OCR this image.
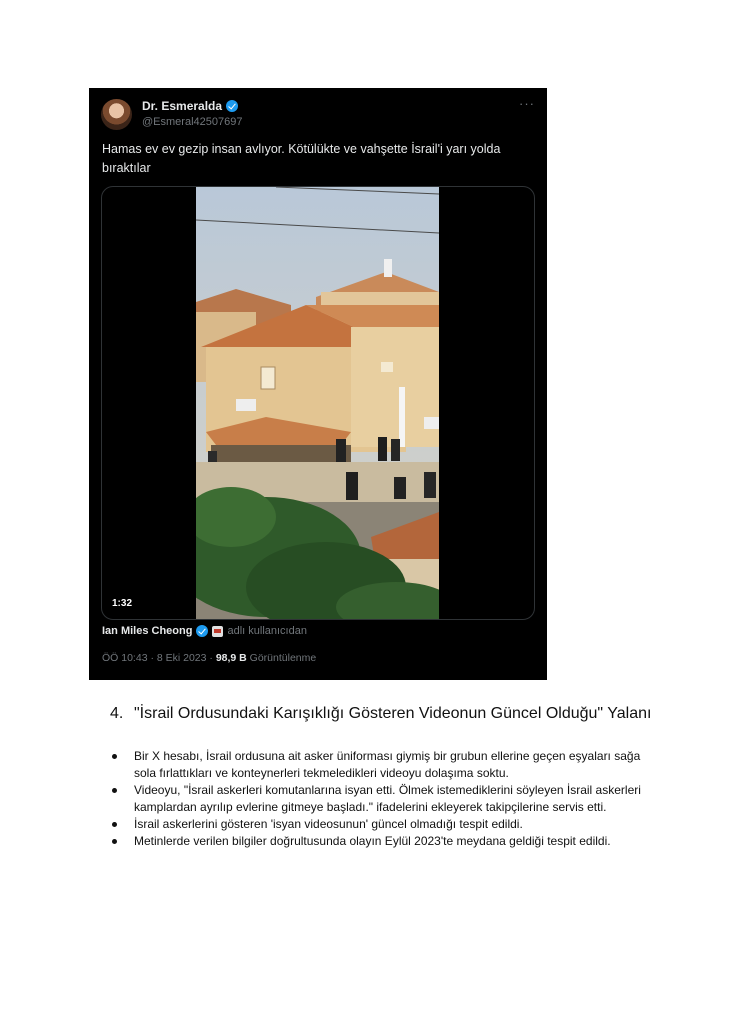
Dr. Esmeralda
@Esmeral42507697
···
Hamas ev ev gezip insan avlıyor. Kötülükte ve vahşette İsrail'i yarı yolda bıraktılar
1:32
Ian Miles Cheong	adlı kullanıcıdan
ÖÖ 10:43 · 8 Eki 2023 · 98,9 B Görüntülenme
4. "İsrail Ordusundaki Karışıklığı Gösteren Videonun Güncel Olduğu" Yalanı
Bir X hesabı, İsrail ordusuna ait asker üniforması giymiş bir grubun ellerine geçen eşyaları sağa sola fırlattıkları ve konteynerleri tekmeledikleri videoyu dolaşıma soktu.
Videoyu, "İsrail askerleri komutanlarına isyan etti. Ölmek istemediklerini söyleyen İsrail askerleri kamplardan ayrılıp evlerine gitmeye başladı." ifadelerini ekleyerek takipçilerine servis etti.
İsrail askerlerini gösteren 'isyan videosunun' güncel olmadığı tespit edildi.
Metinlerde verilen bilgiler doğrultusunda olayın Eylül 2023'te meydana geldiği tespit edildi.
